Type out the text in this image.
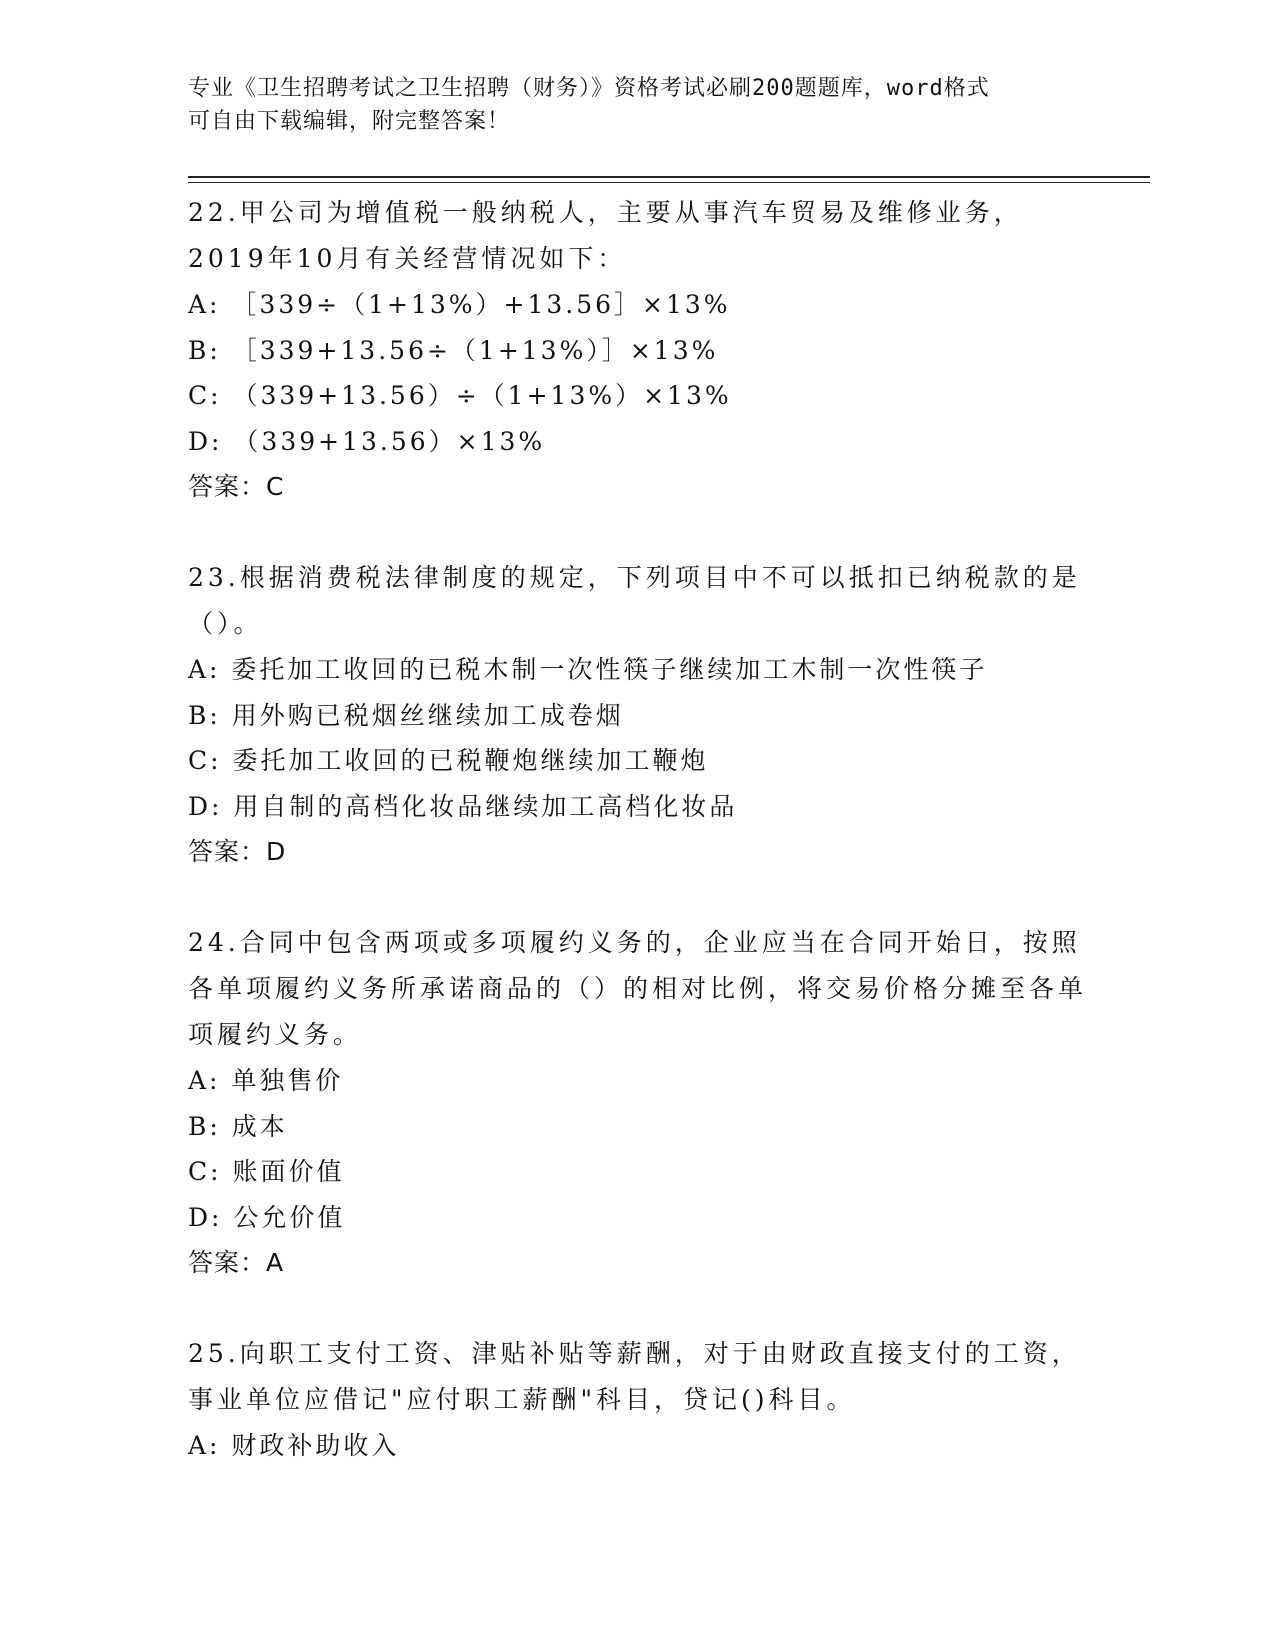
专业《卫生招聘考试之卫生招聘（财务）》资格考试必刷200题题库，word格式
可自由下载编辑，附完整答案！
22.甲公司为增值税一般纳税人，主要从事汽车贸易及维修业务，2019年10月有关经营情况如下：
A: ［339÷（1+13%）+13.56］×13%
B: ［339+13.56÷（1+13%）］×13%
C: （339+13.56）÷（1+13%）×13%
D: （339+13.56）×13%
答案：C
23.根据消费税法律制度的规定，下列项目中不可以抵扣已纳税款的是（）。
A: 委托加工收回的已税木制一次性筷子继续加工木制一次性筷子
B: 用外购已税烟丝继续加工成卷烟
C: 委托加工收回的已税鞭炮继续加工鞭炮
D: 用自制的高档化妆品继续加工高档化妆品
答案：D
24.合同中包含两项或多项履约义务的，企业应当在合同开始日，按照各单项履约义务所承诺商品的（）的相对比例，将交易价格分摊至各单项履约义务。
A: 单独售价
B: 成本
C: 账面价值
D: 公允价值
答案：A
25.向职工支付工资、津贴补贴等薪酬，对于由财政直接支付的工资，事业单位应借记"应付职工薪酬"科目，贷记()科目。
A: 财政补助收入
